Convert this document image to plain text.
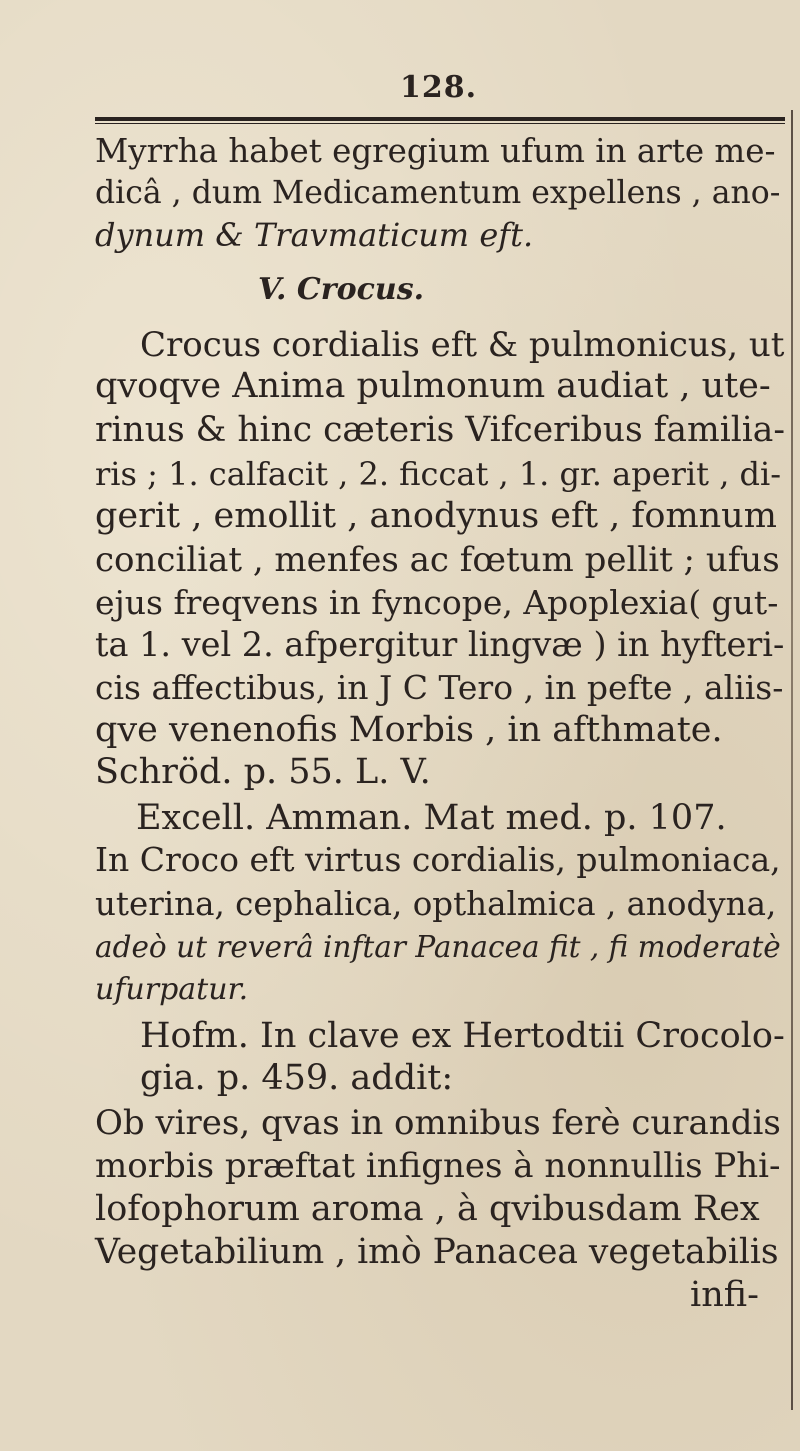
128.
Myrrha habet egregium ufum in arte me-
dicâ , dum Medicamentum expellens , ano-
dynum & Travmaticum eft.
V. Crocus.
Crocus cordialis eft & pulmonicus, ut
qvoqve Anima pulmonum audiat , ute-
rinus & hinc cæteris Vifceribus familia-
ris ; 1. calfacit , 2. ficcat , 1. gr. aperit , di-
gerit , emollit , anodynus eft , fomnum
conciliat , menfes ac fœtum pellit ; ufus
ejus freqvens in fyncope, Apoplexia( gut-
ta 1. vel 2. afpergitur lingvæ ) in hyfteri-
cis affectibus, in J C Tero , in pefte , aliis-
qve venenofis Morbis , in afthmate.
Schröd. p. 55. L. V.
Excell. Amman. Mat med. p. 107.
In Croco eft virtus cordialis, pulmoniaca,
uterina, cephalica, opthalmica , anodyna,
adeò ut reverâ inftar Panacea fit , fi moderatè
ufurpatur.
Hofm. In clave ex Hertodtii Crocolo-
gia. p. 459. addit:
Ob vires, qvas in omnibus ferè curandis
morbis præftat infignes à nonnullis Phi-
lofophorum aroma , à qvibusdam Rex
Vegetabilium , imò Panacea vegetabilis
infi-
